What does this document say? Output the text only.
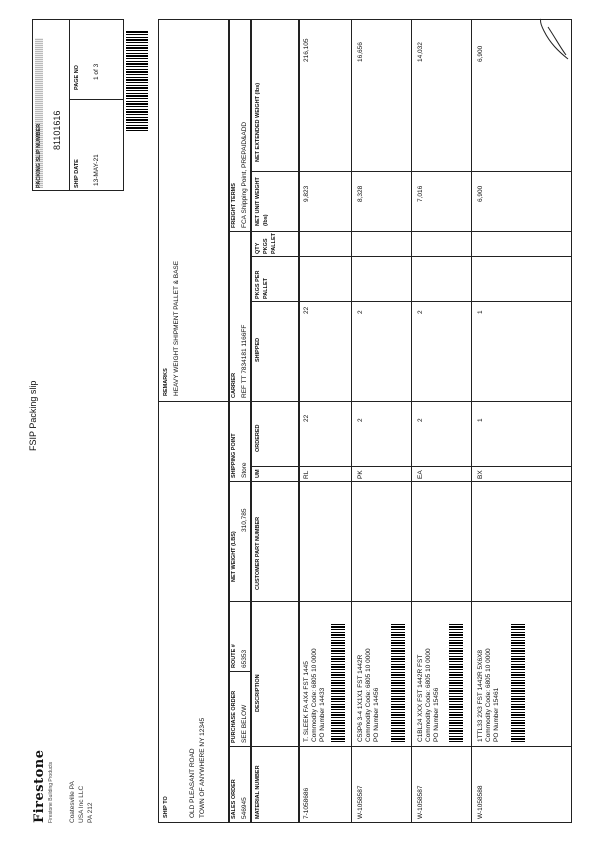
Firestone Firestone Building Products Coatesville PA USA Inc LLC PA 212
FSIP Packing slip
PACKING SLIP NUMBER 81101616
SHIP DATE
PAGE NO
13-MAY-21
1 of 3
SHIP TO	OLD PLEASANT ROAD TOWN OF ANYWHERE NY 12345
REMARKS HEAVY WEIGHT SHIPMENT PALLET & BASE
SALES ORDER 546945
PURCHASE ORDER SEE BELOW
ROUTE # 65353
NET WEIGHT (LBS)
310,785
SHIPPING POINT Store
CARRIER REF TT 7834181 1166FF
FREIGHT TERMS FCA Shipping Point, PREPAID&ADD
MATERIAL NUMBER
DESCRIPTION
CUSTOMER PART NUMBER
UM
ORDERED
SHIPPED
PKGS PER PALLET
QTY PKGS PALLET
NET UNIT WEIGHT (lbs)
NET EXTENDED WEIGHT (lbs)
7-1058686
T. SLEEK FA 4X4 FST 1445 Commodity Code: 6805 10 0000 PO Number 14433
RL
22
22
9,823
216,105
W-1058587
C53P6 3-4 1X1X1 FST 1442R Commodity Code: 6805 10 0000 PO Number 14456
PK
2
2
8,328
16,656
W-1058587
C1BL24 XXX FST 1442R FST Commodity Code: 6805 10 0000 PO Number 15456
EA
2
2
7,016
14,032
W-1058588
1TTL33 2X3 FST 1442R 5X6X8 Commodity Code: 6805 10 0000 PO Number 15461
BX
1
1
6,900
6,900
